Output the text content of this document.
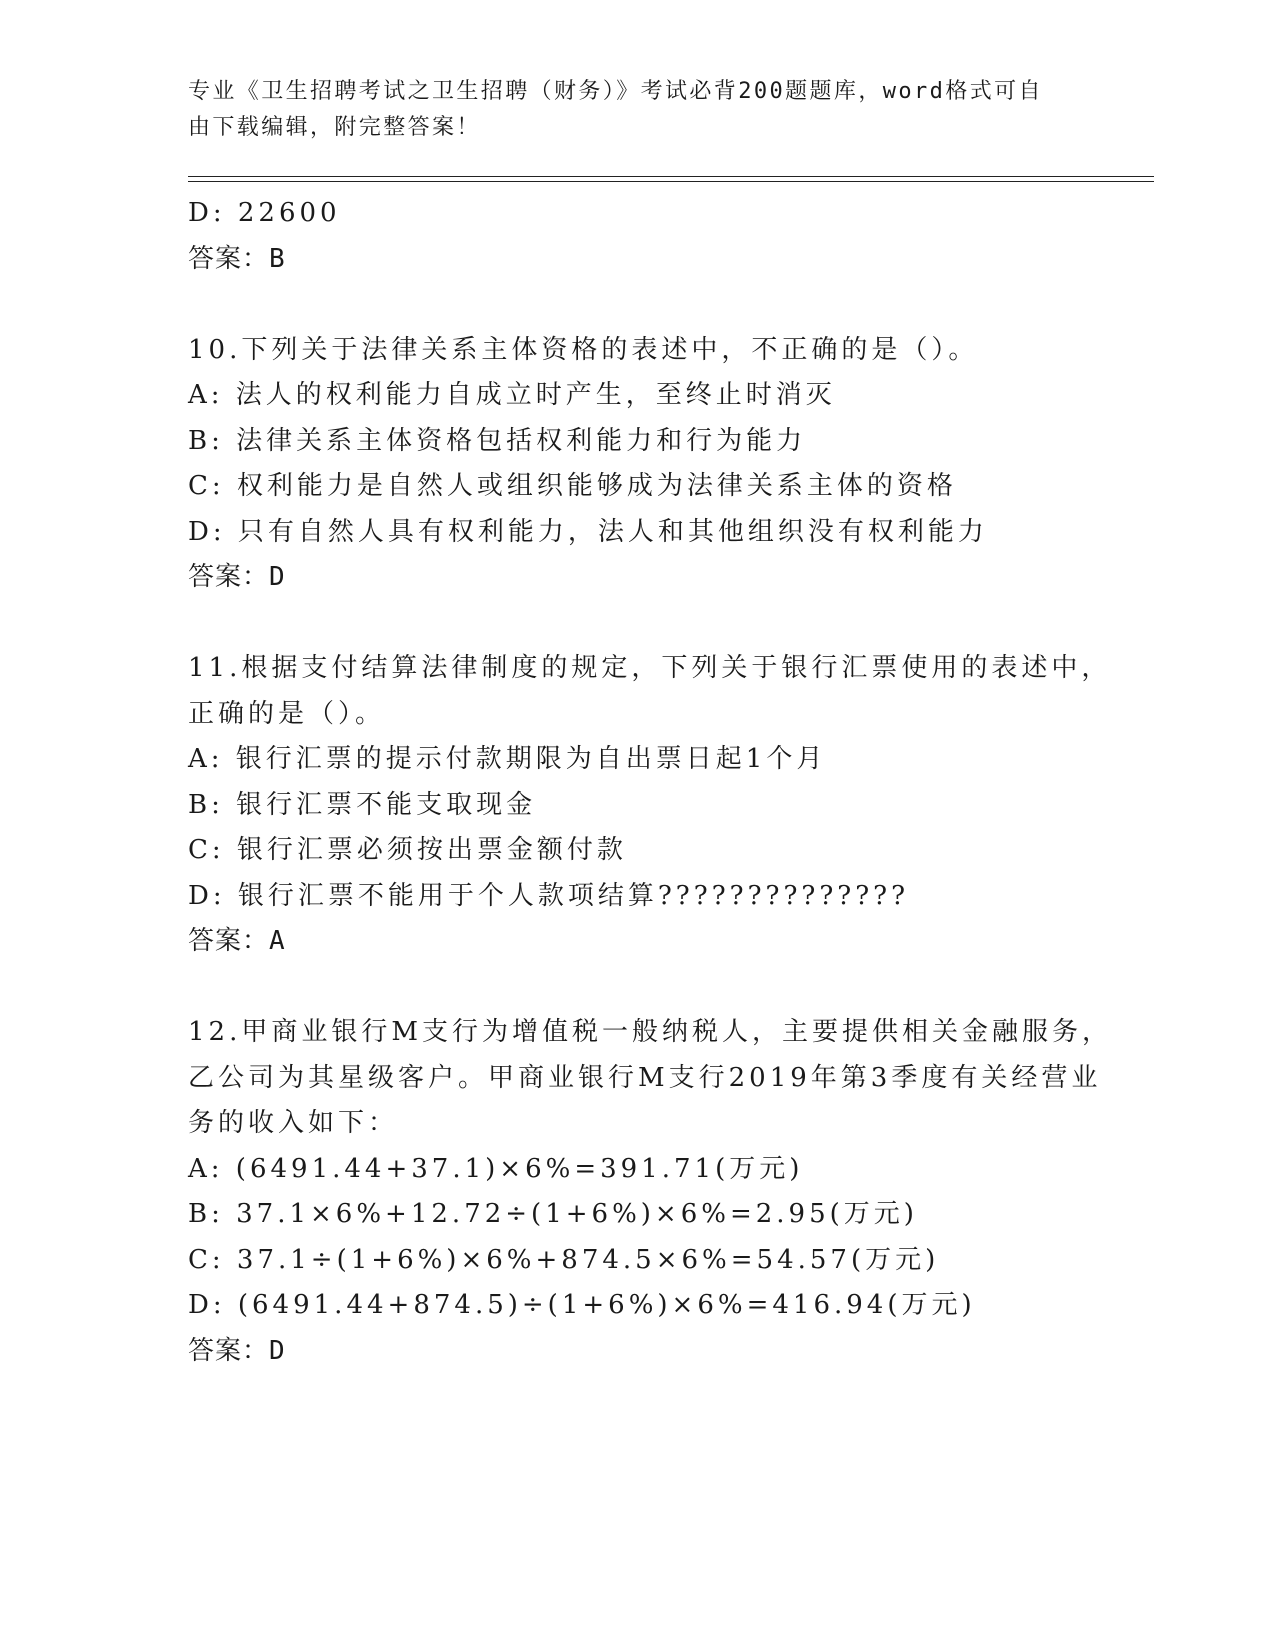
专业《卫生招聘考试之卫生招聘（财务）》考试必背200题题库，word格式可自
由下载编辑，附完整答案！
D: 22600
答案：B
10.下列关于法律关系主体资格的表述中，不正确的是（）。
A: 法人的权利能力自成立时产生，至终止时消灭
B: 法律关系主体资格包括权利能力和行为能力
C: 权利能力是自然人或组织能够成为法律关系主体的资格
D: 只有自然人具有权利能力，法人和其他组织没有权利能力
答案：D
11.根据支付结算法律制度的规定，下列关于银行汇票使用的表述中，
正确的是（）。
A: 银行汇票的提示付款期限为自出票日起1个月
B: 银行汇票不能支取现金
C: 银行汇票必须按出票金额付款
D: 银行汇票不能用于个人款项结算??????????????
答案：A
12.甲商业银行M支行为增值税一般纳税人，主要提供相关金融服务，
乙公司为其星级客户。甲商业银行M支行2019年第3季度有关经营业
务的收入如下：
A: (6491.44+37.1)×6%=391.71(万元)
B: 37.1×6%+12.72÷(1+6%)×6%=2.95(万元)
C: 37.1÷(1+6%)×6%+874.5×6%=54.57(万元)
D: (6491.44+874.5)÷(1+6%)×6%=416.94(万元)
答案：D
